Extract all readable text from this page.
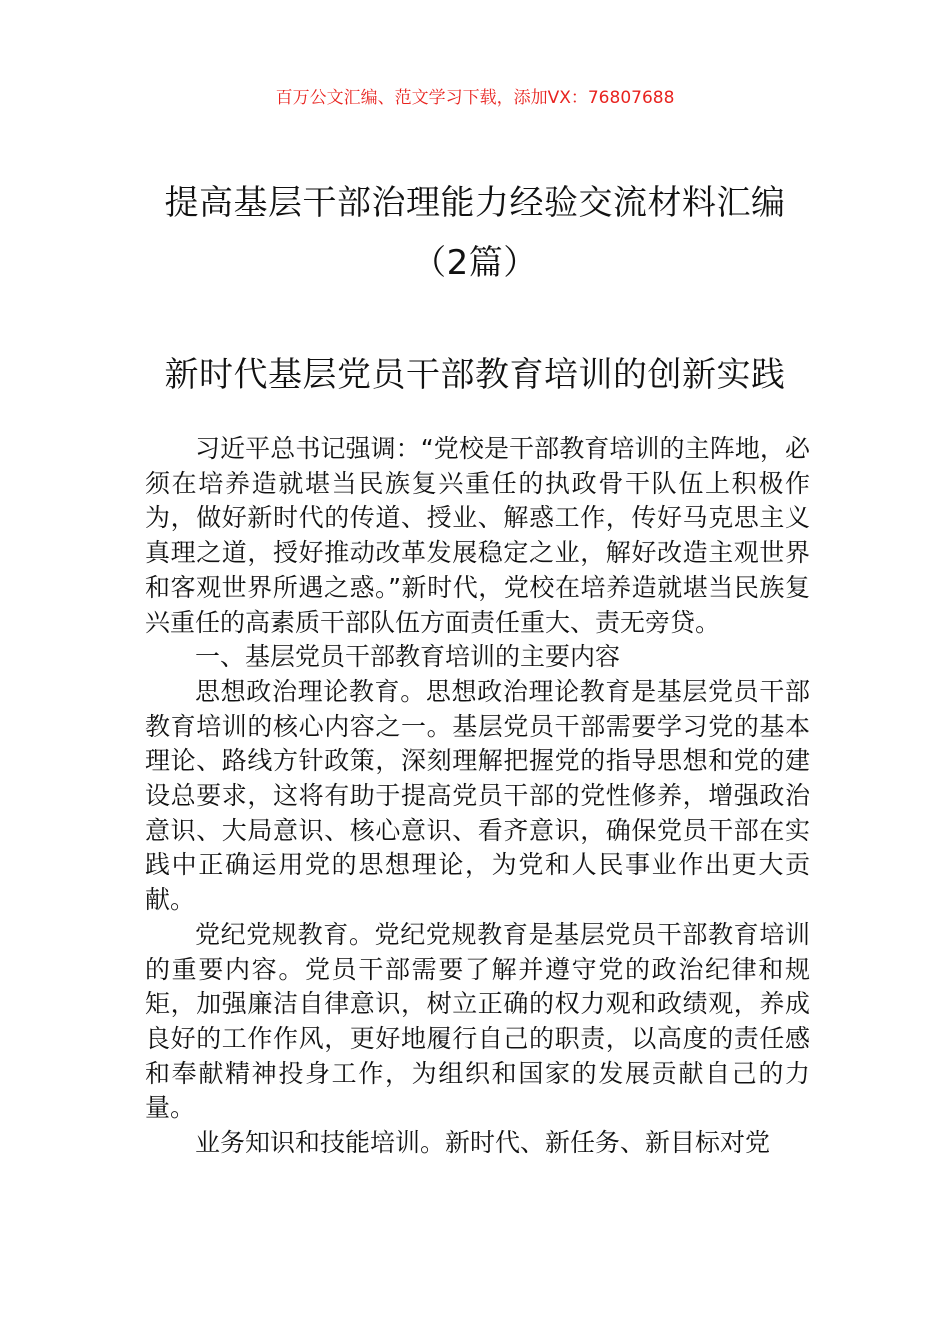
百万公文汇编、范文学习下载，添加VX：76807688
提高基层干部治理能力经验交流材料汇编
（2篇）
新时代基层党员干部教育培训的创新实践

习近平总书记强调：“党校是干部教育培训的主阵地，必须在培养造就堪当民族复兴重任的执政骨干队伍上积极作为，做好新时代的传道、授业、解惑工作，传好马克思主义真理之道，授好推动改革发展稳定之业，解好改造主观世界和客观世界所遇之惑。”新时代，党校在培养造就堪当民族复兴重任的高素质干部队伍方面责任重大、责无旁贷。

一、基层党员干部教育培训的主要内容

思想政治理论教育。思想政治理论教育是基层党员干部教育培训的核心内容之一。基层党员干部需要学习党的基本理论、路线方针政策，深刻理解把握党的指导思想和党的建设总要求，这将有助于提高党员干部的党性修养，增强政治意识、大局意识、核心意识、看齐意识，确保党员干部在实践中正确运用党的思想理论，为党和人民事业作出更大贡献。

党纪党规教育。党纪党规教育是基层党员干部教育培训的重要内容。党员干部需要了解并遵守党的政治纪律和规矩，加强廉洁自律意识，树立正确的权力观和政绩观，养成良好的工作作风，更好地履行自己的职责，以高度的责任感和奉献精神投身工作，为组织和国家的发展贡献自己的力量。

业务知识和技能培训。新时代、新任务、新目标对党
